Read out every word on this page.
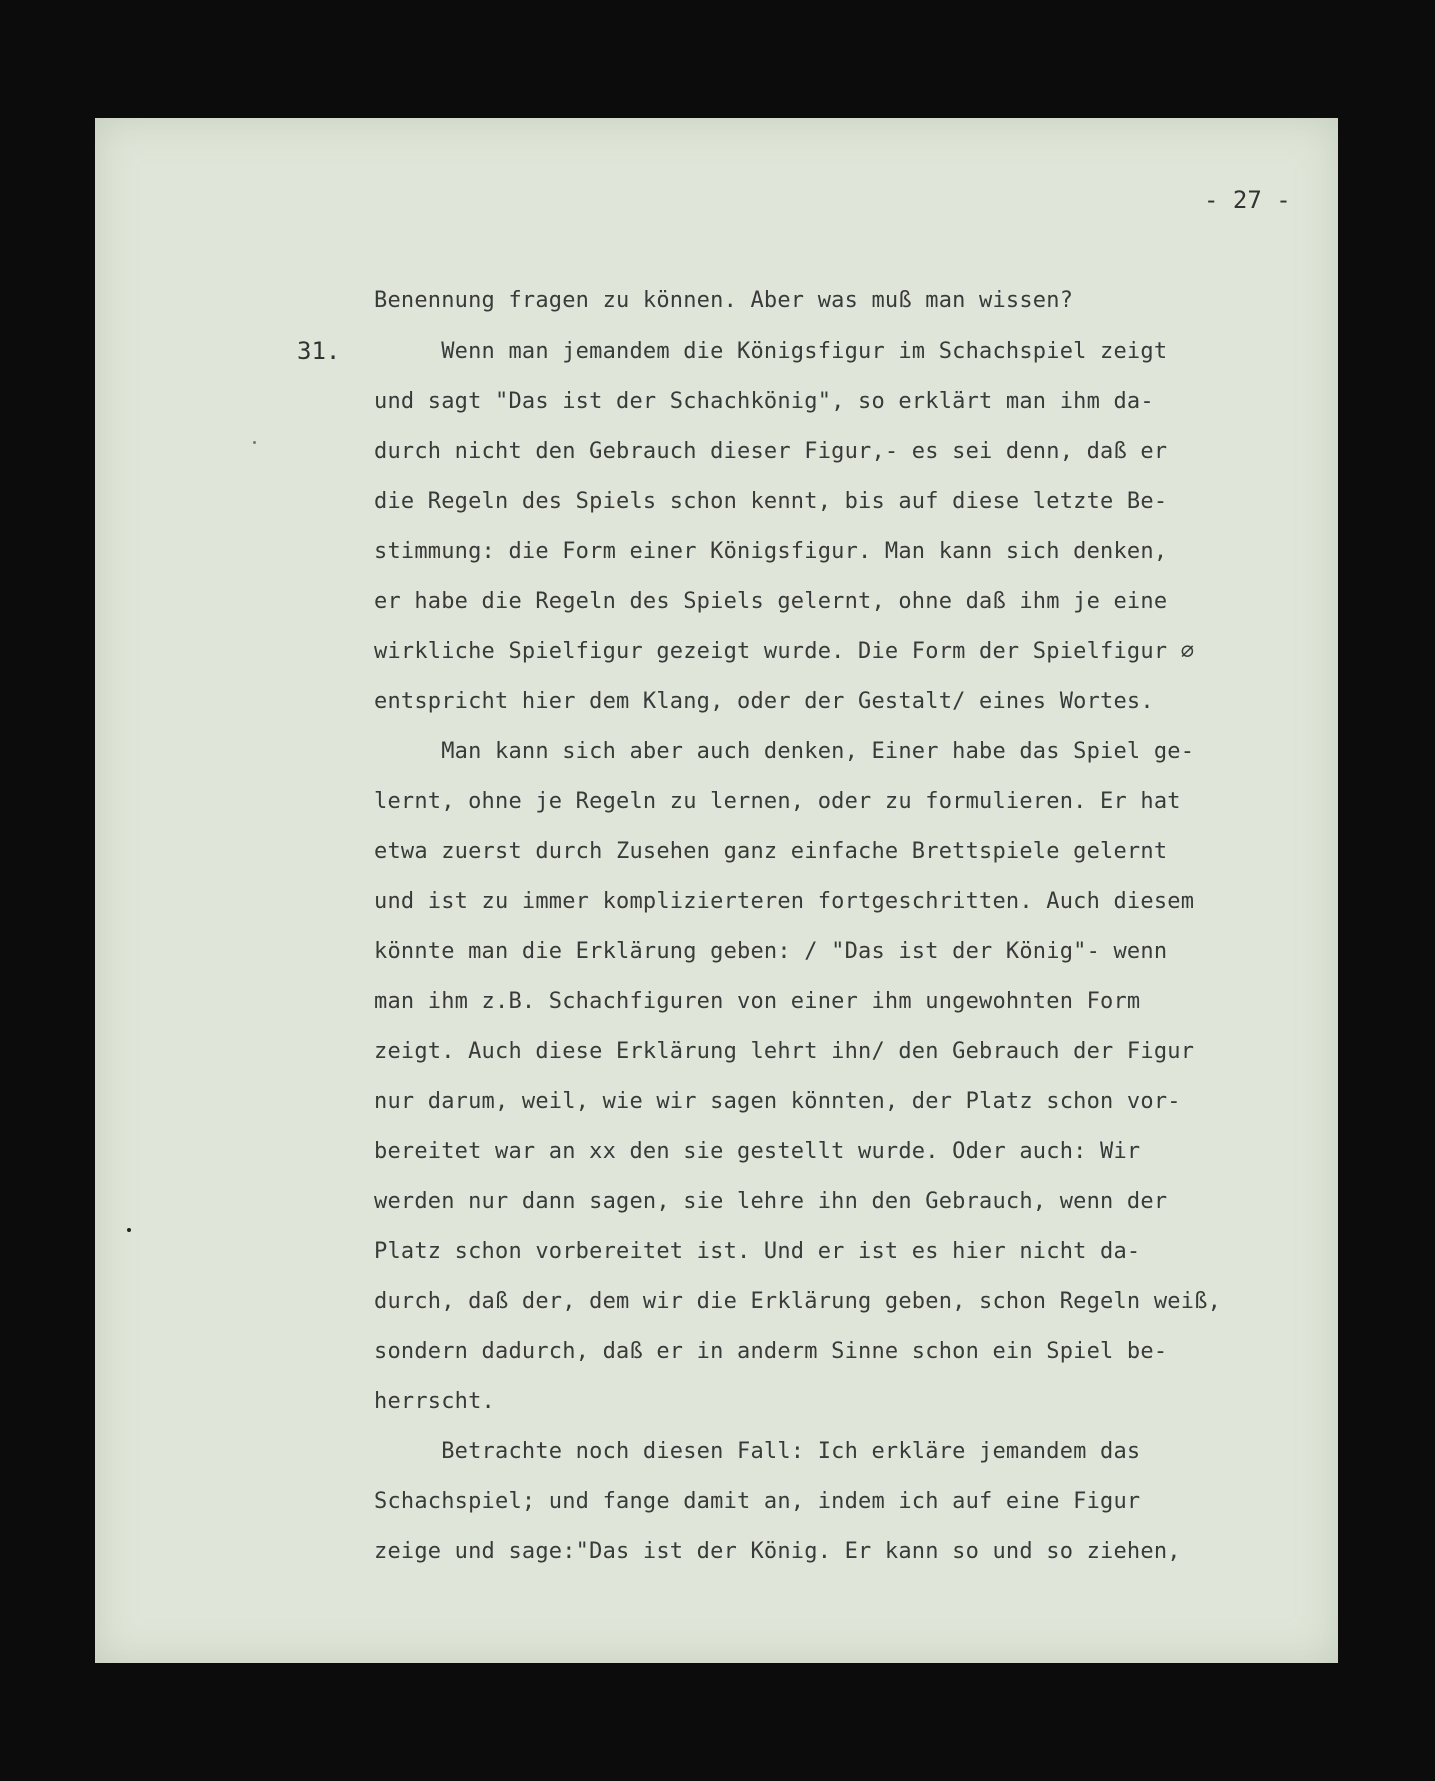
- 27 -
31.
Benennung fragen zu können. Aber was muß man wissen?
Wenn man jemandem die Königsfigur im Schachspiel zeigt
und sagt "Das ist der Schachkönig", so erklärt man ihm da-
durch nicht den Gebrauch dieser Figur,- es sei denn, daß er
die Regeln des Spiels schon kennt, bis auf diese letzte Be-
stimmung: die Form einer Königsfigur. Man kann sich denken,
er habe die Regeln des Spiels gelernt, ohne daß ihm je eine
wirkliche Spielfigur gezeigt wurde. Die Form der Spielfigur ∅
entspricht hier dem Klang, oder der Gestalt/ eines Wortes.
Man kann sich aber auch denken, Einer habe das Spiel ge-
lernt, ohne je Regeln zu lernen, oder zu formulieren. Er hat
etwa zuerst durch Zusehen ganz einfache Brettspiele gelernt
und ist zu immer komplizierteren fortgeschritten. Auch diesem
könnte man die Erklärung geben: / "Das ist der König"- wenn
man ihm z.B. Schachfiguren von einer ihm ungewohnten Form
zeigt. Auch diese Erklärung lehrt ihn/ den Gebrauch der Figur
nur darum, weil, wie wir sagen könnten, der Platz schon vor-
bereitet war an xx den sie gestellt wurde. Oder auch: Wir
werden nur dann sagen, sie lehre ihn den Gebrauch, wenn der
Platz schon vorbereitet ist. Und er ist es hier nicht da-
durch, daß der, dem wir die Erklärung geben, schon Regeln weiß,
sondern dadurch, daß er in anderm Sinne schon ein Spiel be-
herrscht.
Betrachte noch diesen Fall: Ich erkläre jemandem das
Schachspiel; und fange damit an, indem ich auf eine Figur
zeige und sage:"Das ist der König. Er kann so und so ziehen,
